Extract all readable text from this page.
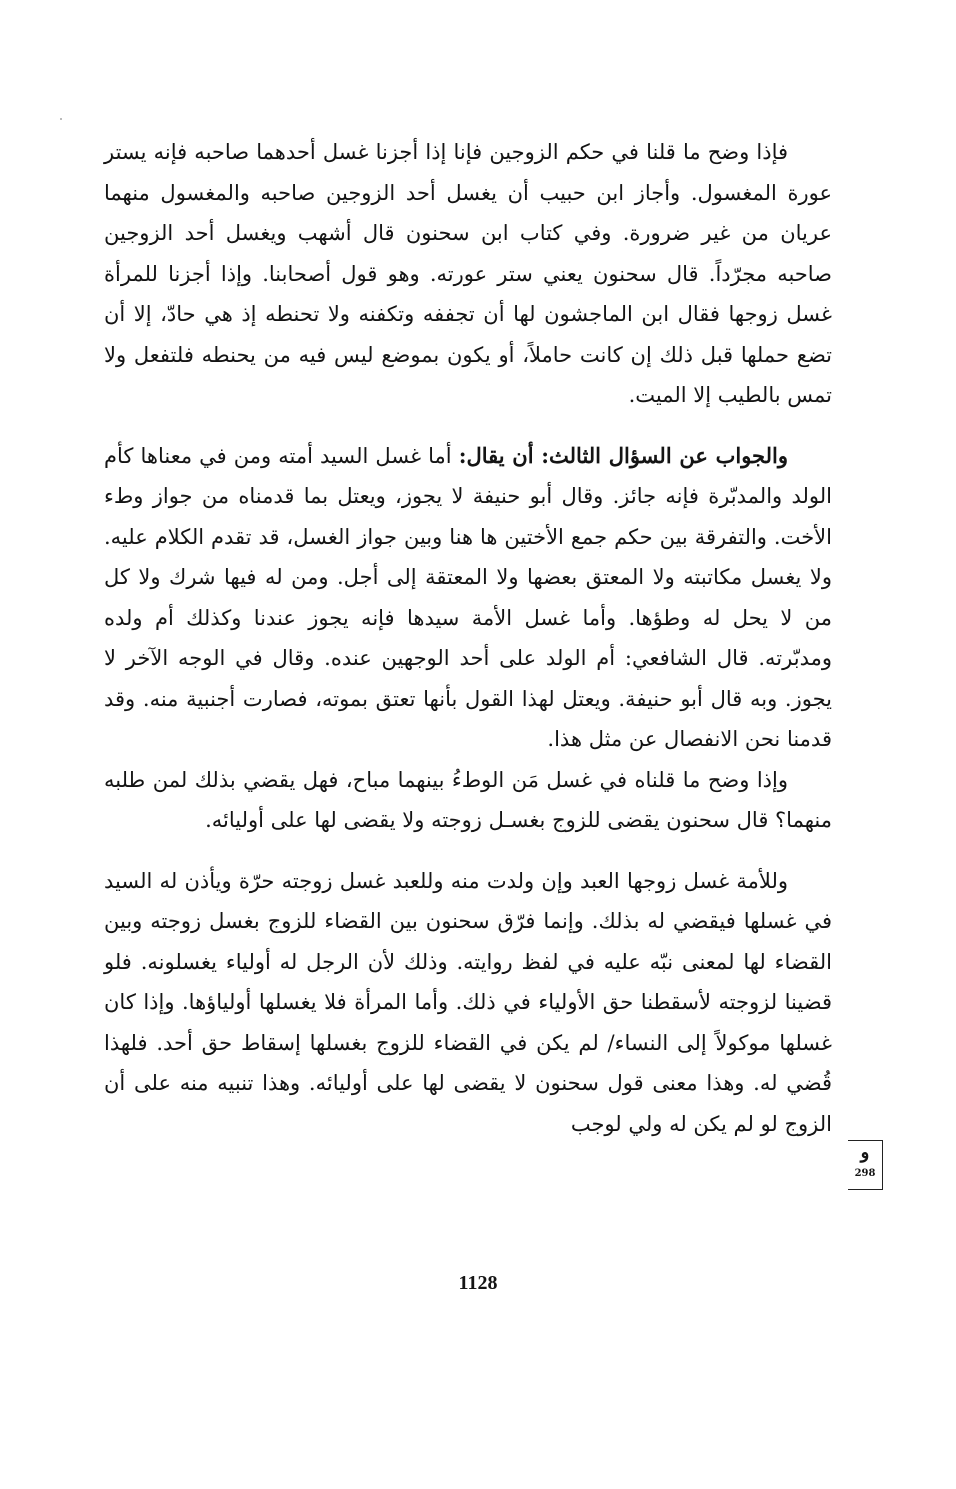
فإذا وضح ما قلنا في حكم الزوجين فإنا إذا أجزنا غسل أحدهما صاحبه فإنه يستر عورة المغسول. وأجاز ابن حبيب أن يغسل أحد الزوجين صاحبه والمغسول منهما عريان من غير ضرورة. وفي كتاب ابن سحنون قال أشهب ويغسل أحد الزوجين صاحبه مجرّداً. قال سحنون يعني ستر عورته. وهو قول أصحابنا. وإذا أجزنا للمرأة غسل زوجها فقال ابن الماجشون لها أن تجففه وتكفنه ولا تحنطه إذ هي حادّ، إلا أن تضع حملها قبل ذلك إن كانت حاملاً، أو يكون بموضع ليس فيه من يحنطه فلتفعل ولا تمس بالطيب إلا الميت.

والجواب عن السؤال الثالث: أن يقال: أما غسل السيد أمته ومن في معناها كأم الولد والمدبّرة فإنه جائز. وقال أبو حنيفة لا يجوز، ويعتل بما قدمناه من جواز وطء الأخت. والتفرقة بين حكم جمع الأختين ها هنا وبين جواز الغسل، قد تقدم الكلام عليه. ولا يغسل مكاتبته ولا المعتق بعضها ولا المعتقة إلى أجل. ومن له فيها شرك ولا كل من لا يحل له وطؤها. وأما غسل الأمة سيدها فإنه يجوز عندنا وكذلك أم ولده ومدبّرته. قال الشافعي: أم الولد على أحد الوجهين عنده. وقال في الوجه الآخر لا يجوز. وبه قال أبو حنيفة. ويعتل لهذا القول بأنها تعتق بموته، فصارت أجنبية منه. وقد قدمنا نحن الانفصال عن مثل هذا.

وإذا وضح ما قلناه في غسل مَن الوطءُ بينهما مباح، فهل يقضي بذلك لمن طلبه منهما؟ قال سحنون يقضى للزوج بغسـل زوجته ولا يقضى لها على أوليائه.

وللأمة غسل زوجها العبد وإن ولدت منه وللعبد غسل زوجته حرّة ويأذن له السيد في غسلها فيقضي له بذلك. وإنما فرّق سحنون بين القضاء للزوج بغسل زوجته وبين القضاء لها لمعنى نبّه عليه في لفظ روايته. وذلك لأن الرجل له أولياء يغسلونه. فلو قضينا لزوجته لأسقطنا حق الأولياء في ذلك. وأما المرأة فلا يغسلها أولياؤها. وإذا كان غسلها موكولاً إلى النساء/ لم يكن في القضاء للزوج بغسلها إسقاط حق أحد. فلهذا قُضي له. وهذا معنى قول سحنون لا يقضى لها على أوليائه. وهذا تنبيه منه على أن الزوج لو لم يكن له ولي لوجب

و
298
1128
